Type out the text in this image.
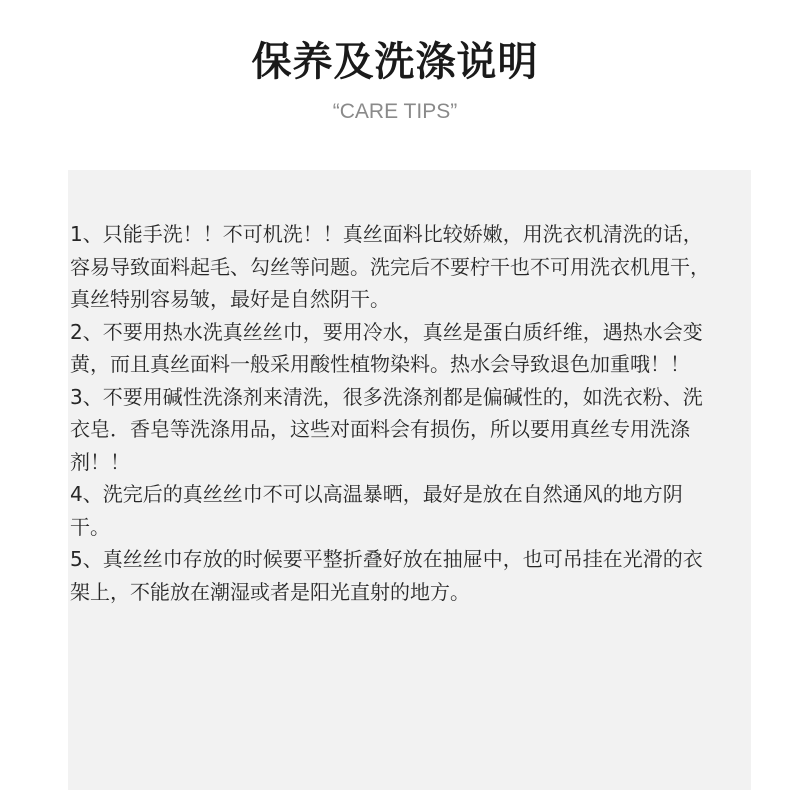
保养及洗涤说明
“CARE TIPS”

1、只能手洗！！不可机洗！！真丝面料比较娇嫩，用洗衣机清洗的话，容易导致面料起毛、勾丝等问题。洗完后不要柠干也不可用洗衣机甩干，真丝特别容易皱，最好是自然阴干。

2、不要用热水洗真丝丝巾，要用冷水，真丝是蛋白质纤维，遇热水会变黄，而且真丝面料一般采用酸性植物染料。热水会导致退色加重哦！！

3、不要用碱性洗涤剂来清洗，很多洗涤剂都是偏碱性的，如洗衣粉、洗衣皂．香皂等洗涤用品，这些对面料会有损伤，所以要用真丝专用洗涤剂！！

4、洗完后的真丝丝巾不可以高温暴晒，最好是放在自然通风的地方阴干。

5、真丝丝巾存放的时候要平整折叠好放在抽屉中，也可吊挂在光滑的衣架上，不能放在潮湿或者是阳光直射的地方。
